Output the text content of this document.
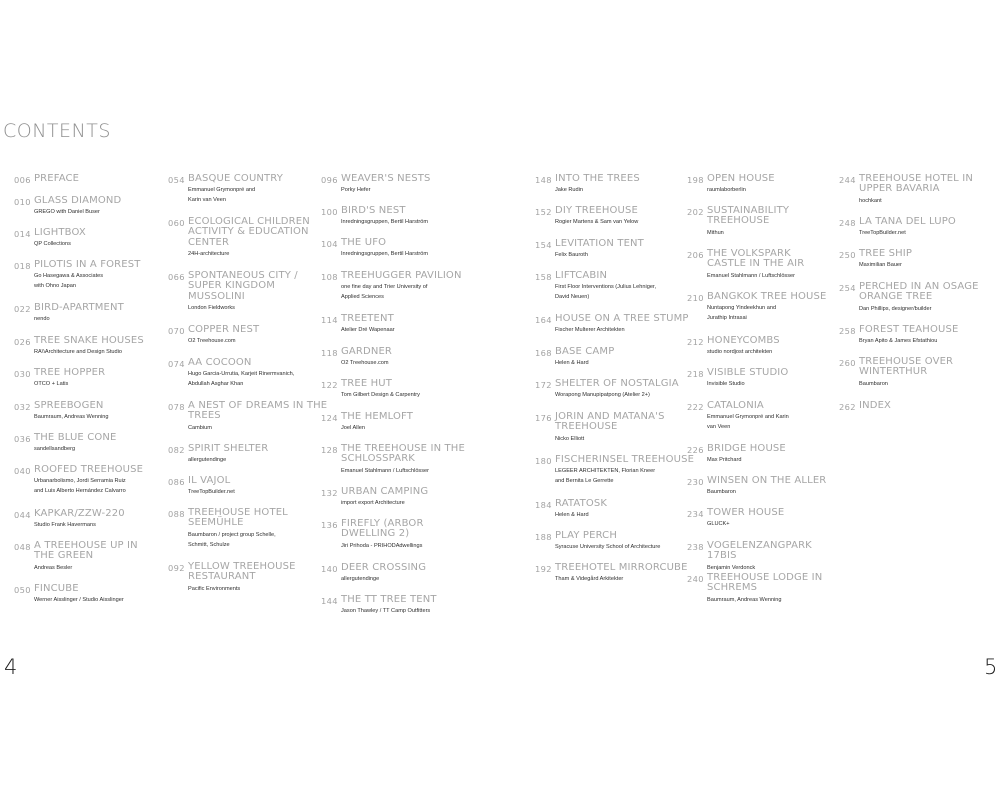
CONTENTS
006 PREFACE
010 GLASS DIAMOND
GREGO with Daniel Buser
014 LIGHTBOX
QP Collections
018 PILOTIS IN A FOREST
Go Hasegawa & Associates
with Ohno Japan
022 BIRD-APARTMENT
nendo
026 TREE SNAKE HOUSES
RA\\Architecture and Design Studio
030 TREE HOPPER
OTCO + Latis
032 SPREEBOGEN
Baumraum, Andreas Wenning
036 THE BLUE CONE
sandellsandberg
040 ROOFED TREEHOUSE
Urbanarbolismo, Jordi Serramia Ruiz
and Luis Alberto Hernández Calvarro
044 KAPKAR/ZZW-220
Studio Frank Havermans
048 A TREEHOUSE UP IN THE GREEN
Andreas Besler
050 FINCUBE
Werner Aisslinger / Studio Aisslinger
054 BASQUE COUNTRY
Emmanuel Grymonpré and
Karin van Veen
060 ECOLOGICAL CHILDREN ACTIVITY & EDUCATION CENTER
24H-architecture
066 SPONTANEOUS CITY / SUPER KINGDOM MUSSOLINI
London Fieldworks
070 COPPER NEST
O2 Treehouse.com
074 AA COCOON
Hugo Garcia-Urrutia, Karjeit Rinermvanich,
Abdullah Asghar Khan
078 A NEST OF DREAMS IN THE TREES
Cambium
082 SPIRIT SHELTER
allergutendinge
086 IL VAJOL
TreeTopBuilder.net
088 TREEHOUSE HOTEL SEEMÜHLE
Baumbaron / project group Schelle,
Schmitt, Schulze
092 YELLOW TREEHOUSE RESTAURANT
Pacific Environments
096 WEAVER'S NESTS
Porky Hefer
100 BIRD'S NEST
Inredningsgruppen, Bertil Harström
104 THE UFO
Inredningsgruppen, Bertil Harström
108 TREEHUGGER PAVILION
one fine day and Trier University of
Applied Sciences
114 TREETENT
Atelier Dré Wapenaar
118 GARDNER
O2 Treehouse.com
122 TREE HUT
Tom Gilbert Design & Carpentry
124 THE HEMLOFT
Joel Allen
128 THE TREEHOUSE IN THE SCHLOSSPARK
Emanuel Stahlmann / Luftschlösser
132 URBAN CAMPING
import export Architecture
136 FIREFLY (ARBOR DWELLING 2)
Jiri Prihoda - PRIHODAdwellings
140 DEER CROSSING
allergutendinge
144 THE TT TREE TENT
Jason Thawley / TT Camp Outfitters
148 INTO THE TREES
Jake Rudin
152 DIY TREEHOUSE
Rogier Martens & Sam van Yelow
154 LEVITATION TENT
Felix Bauroth
158 LIFTCABIN
First Floor Interventions (Julius Lehniger,
David Neuen)
164 HOUSE ON A TREE STUMP
Fischer Multerer Architekten
168 BASE CAMP
Helen & Hard
172 SHELTER OF NOSTALGIA
Worapong Manupipatpong (Atelier 2+)
176 JORIN AND MATANA'S TREEHOUSE
Nicko Elliott
180 FISCHERINSEL TREEHOUSE
LEGEER ARCHITEKTEN, Florian Kneer
and Bernita Le Gerrette
184 RATATOSK
Helen & Hard
188 PLAY PERCH
Syracuse University School of Architecture
192 TREEHOTEL MIRRORCUBE
Tham & Videgård Arkitekter
198 OPEN HOUSE
raumlaborberlin
202 SUSTAINABILITY TREEHOUSE
Mithun
206 THE VOLKSPARK CASTLE IN THE AIR
Emanuel Stahlmann / Luftschlösser
210 BANGKOK TREE HOUSE
Nuntapong Yindeekhun and
Jurathip Intrasai
212 HONEYCOMBS
studio nordjost architekten
218 VISIBLE STUDIO
Invisible Studio
222 CATALONIA
Emmanuel Grymonpré and Karin
van Veen
226 BRIDGE HOUSE
Max Pritchard
230 WINSEN ON THE ALLER
Baumbaron
234 TOWER HOUSE
GLUCK+
238 VOGELENZANGPARK 17BIS
Benjamin Verdonck
240 TREEHOUSE LODGE IN SCHREMS
Baumraum, Andreas Wenning
244 TREEHOUSE HOTEL IN UPPER BAVARIA
hochkant
248 LA TANA DEL LUPO
TreeTopBuilder.net
250 TREE SHIP
Maximilian Bauer
254 PERCHED IN AN OSAGE ORANGE TREE
Dan Phillips, designer/builder
258 FOREST TEAHOUSE
Bryan Apito & James Efstathiou
260 TREEHOUSE OVER WINTERTHUR
Baumbaron
262 INDEX
4	5
